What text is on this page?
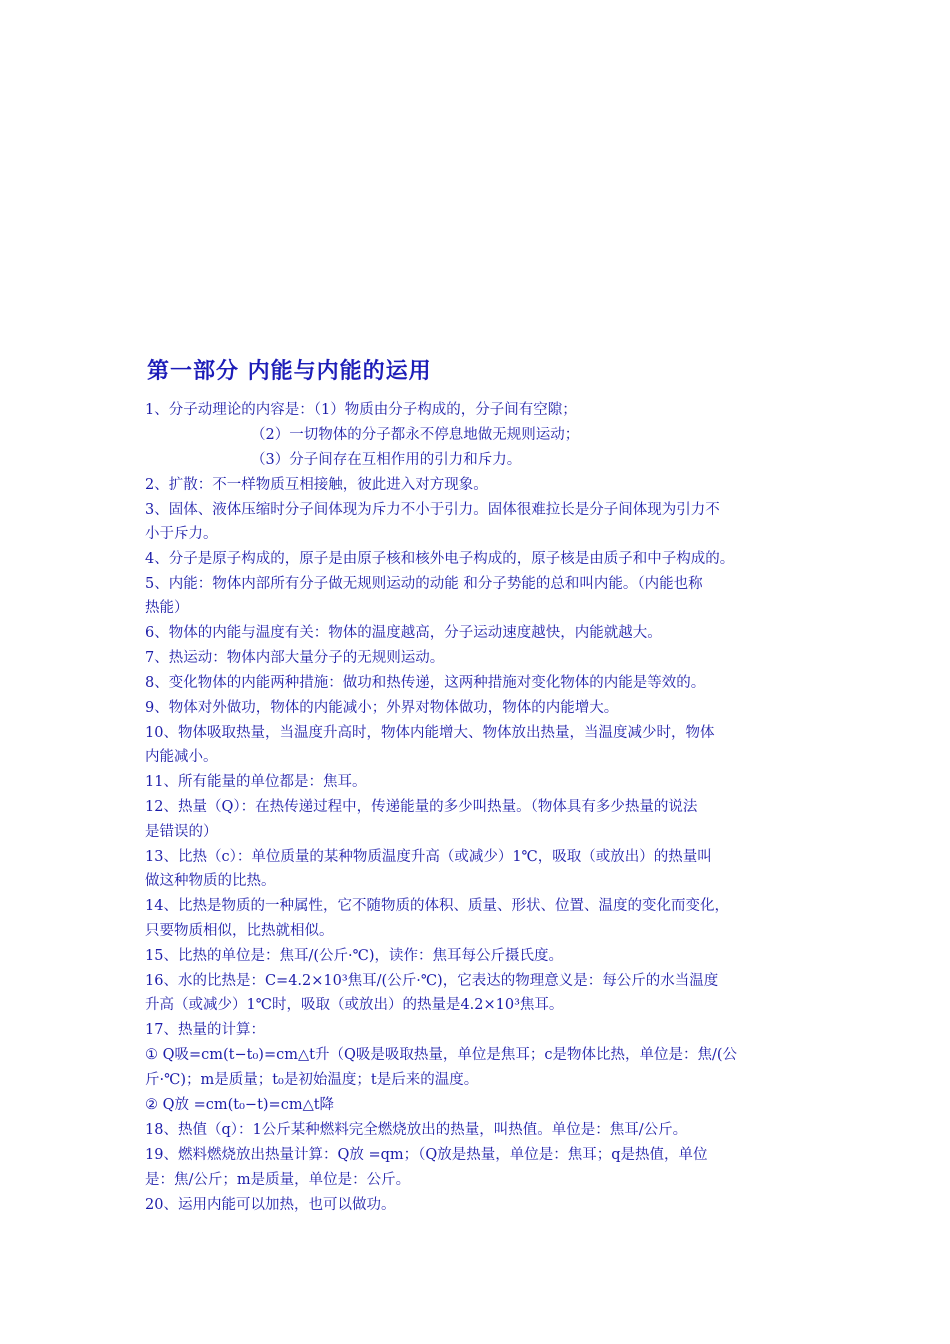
第一部分 内能与内能的运用
1、分子动理论的内容是：（1）物质由分子构成的，分子间有空隙；
（2）一切物体的分子都永不停息地做无规则运动；
（3）分子间存在互相作用的引力和斥力。
2、扩散：不一样物质互相接触，彼此进入对方现象。
3、固体、液体压缩时分子间体现为斥力不小于引力。固体很难拉长是分子间体现为引力不
小于斥力。
4、分子是原子构成的，原子是由原子核和核外电子构成的，原子核是由质子和中子构成的。
5、内能：物体内部所有分子做无规则运动的动能 和分子势能的总和叫内能。（内能也称
热能）
6、物体的内能与温度有关：物体的温度越高，分子运动速度越快，内能就越大。
7、热运动：物体内部大量分子的无规则运动。
8、变化物体的内能两种措施：做功和热传递，这两种措施对变化物体的内能是等效的。
9、物体对外做功，物体的内能减小；外界对物体做功，物体的内能增大。
10、物体吸取热量，当温度升高时，物体内能增大、物体放出热量，当温度减少时，物体
内能减小。
11、所有能量的单位都是：焦耳。
12、热量（Q）：在热传递过程中，传递能量的多少叫热量。（物体具有多少热量的说法
是错误的）
13、比热（c）：单位质量的某种物质温度升高（或减少）1℃，吸取（或放出）的热量叫
做这种物质的比热。
14、比热是物质的一种属性，它不随物质的体积、质量、形状、位置、温度的变化而变化，
只要物质相似，比热就相似。
15、比热的单位是：焦耳/(公斤·℃)，读作：焦耳每公斤摄氏度。
16、水的比热是：C=4.2×10³焦耳/(公斤·℃)，它表达的物理意义是：每公斤的水当温度
升高（或减少）1℃时，吸取（或放出）的热量是4.2×10³焦耳。
17、热量的计算：
① Q吸=cm(t−t₀)=cm△t升（Q吸是吸取热量，单位是焦耳；c是物体比热，单位是：焦/(公
斤·℃)；m是质量；t₀是初始温度；t是后来的温度。
② Q放 =cm(t₀−t)=cm△t降
18、热值（q）：1公斤某种燃料完全燃烧放出的热量，叫热值。单位是：焦耳/公斤。
19、燃料燃烧放出热量计算：Q放 =qm；（Q放是热量，单位是：焦耳；q是热值，单位
是：焦/公斤；m是质量，单位是：公斤。
20、运用内能可以加热，也可以做功。
